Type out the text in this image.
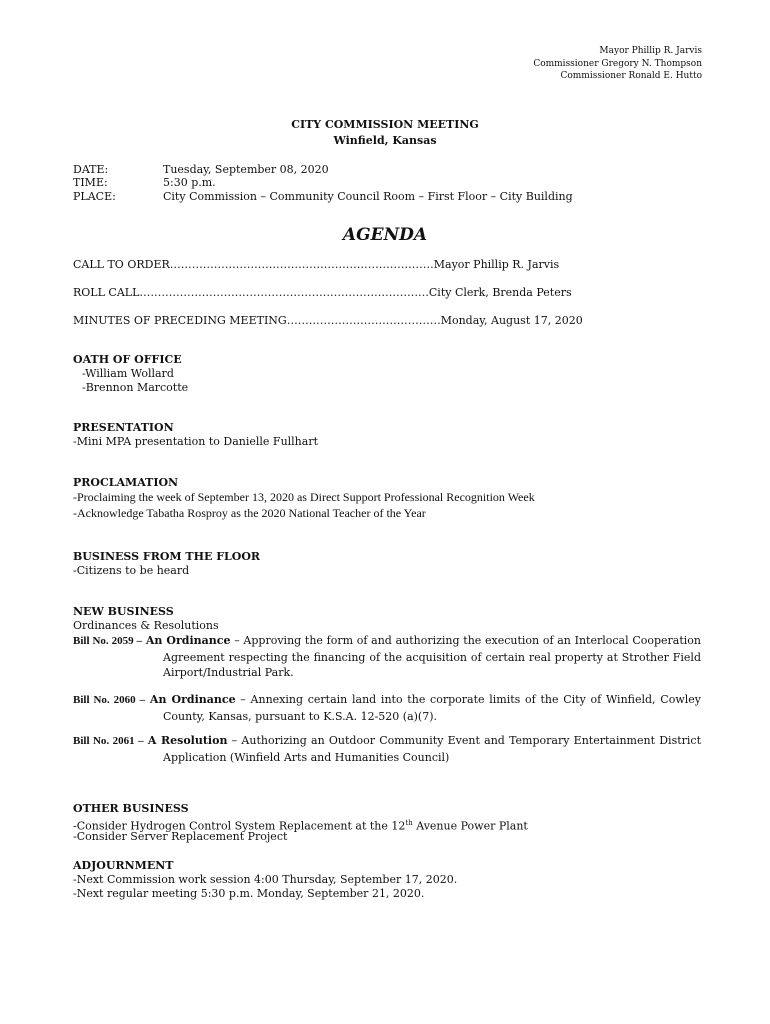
Mayor Phillip R. Jarvis
Commissioner Gregory N. Thompson
Commissioner Ronald E. Hutto
CITY COMMISSION MEETING
Winfield, Kansas
DATE:	Tuesday, September 08, 2020
TIME:	5:30 p.m.
PLACE:	City Commission – Community Council Room – First Floor – City Building
AGENDA
CALL TO ORDER………………………………………………………………Mayor Phillip R. Jarvis
ROLL CALL…………………………………………………………………….City Clerk, Brenda Peters
MINUTES OF PRECEDING MEETING……………………………………Monday, August 17, 2020
OATH OF OFFICE
-William Wollard
-Brennon Marcotte
PRESENTATION
-Mini MPA presentation to Danielle Fullhart
PROCLAMATION
-Proclaiming the week of September 13, 2020 as Direct Support Professional Recognition Week
-Acknowledge Tabatha Rosproy as the 2020 National Teacher of the Year
BUSINESS FROM THE FLOOR
-Citizens to be heard
NEW BUSINESS
Ordinances & Resolutions
Bill No. 2059 – An Ordinance – Approving the form of and authorizing the execution of an Interlocal Cooperation Agreement respecting the financing of the acquisition of certain real property at Strother Field Airport/Industrial Park.
Bill No. 2060 – An Ordinance – Annexing certain land into the corporate limits of the City of Winfield, Cowley County, Kansas, pursuant to K.S.A. 12-520 (a)(7).
Bill No. 2061 – A Resolution – Authorizing an Outdoor Community Event and Temporary Entertainment District Application (Winfield Arts and Humanities Council)
OTHER BUSINESS
-Consider Hydrogen Control System Replacement at the 12th Avenue Power Plant
-Consider Server Replacement Project
ADJOURNMENT
-Next Commission work session 4:00 Thursday, September 17, 2020.
-Next regular meeting 5:30 p.m. Monday, September 21, 2020.
